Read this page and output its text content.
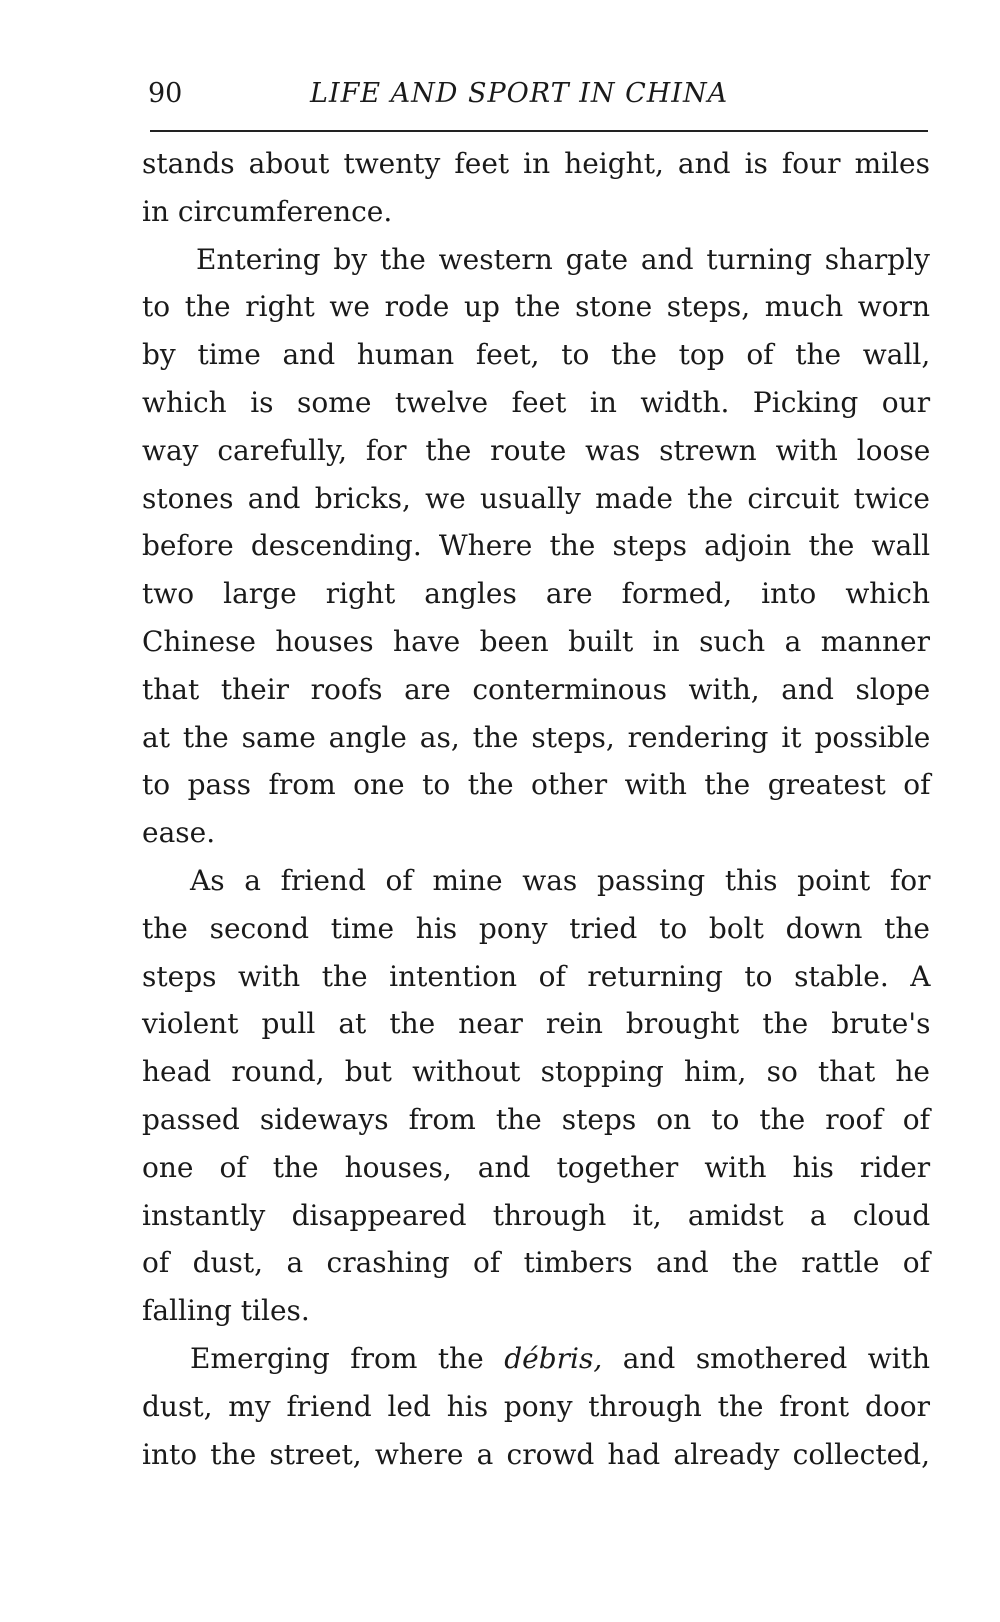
90	LIFE AND SPORT IN CHINA

stands about twenty feet in height, and is four miles
in circumference.

Entering by the western gate and turning sharply
to the right we rode up the stone steps, much worn
by time and human feet, to the top of the wall,
which is some twelve feet in width. Picking our
way carefully, for the route was strewn with loose
stones and bricks, we usually made the circuit twice
before descending. Where the steps adjoin the wall
two large right angles are formed, into which
Chinese houses have been built in such a manner
that their roofs are conterminous with, and slope
at the same angle as, the steps, rendering it possible
to pass from one to the other with the greatest of
ease.

As a friend of mine was passing this point for
the second time his pony tried to bolt down the
steps with the intention of returning to stable. A
violent pull at the near rein brought the brute's
head round, but without stopping him, so that he
passed sideways from the steps on to the roof of
one of the houses, and together with his rider
instantly disappeared through it, amidst a cloud
of dust, a crashing of timbers and the rattle of
falling tiles.

Emerging from the débris, and smothered with
dust, my friend led his pony through the front door
into the street, where a crowd had already collected,
